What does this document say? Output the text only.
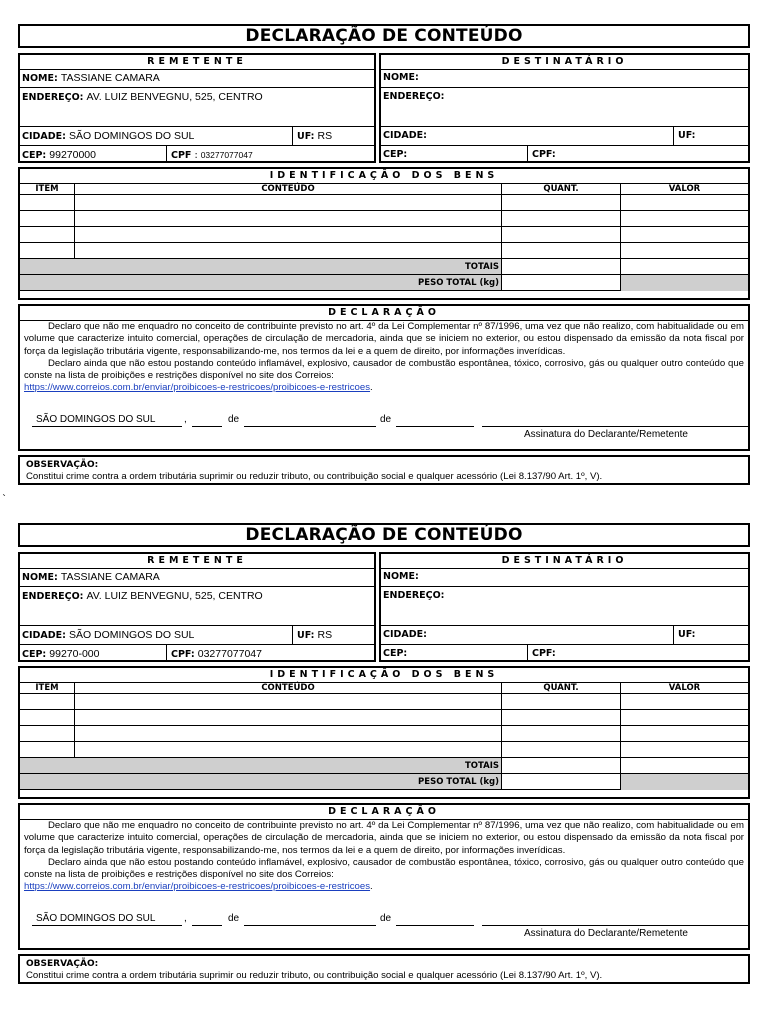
`
DECLARAÇÃO DE CONTEÚDO
REMETENTE
NOME: TASSIANE CAMARA
ENDEREÇO: AV. LUIZ BENVEGNU, 525, CENTRO
CIDADE: SÃO DOMINGOS DO SUL	UF: RS
CEP: 99270000	CPF : 03277077047
DESTINATÁRIO
NOME:
ENDEREÇO:
CIDADE:	UF:
CEP:	CPF:
IDENTIFICAÇÃO DOS BENS
ITEM	CONTEÚDO	QUANT.	VALOR

TOTAIS			
PESO TOTAL (kg)			
DECLARAÇÃO

Declaro que não me enquadro no conceito de contribuinte previsto no art. 4º da Lei Complementar nº 87/1996, uma vez que não realizo, com habitualidade ou em volume que caracterize intuito comercial, operações de circulação de mercadoria, ainda que se iniciem no exterior, ou estou dispensado da emissão da nota fiscal por força da legislação tributária vigente, responsabilizando-me, nos termos da lei e a quem de direito, por informações inverídicas.

Declaro ainda que não estou postando conteúdo inflamável, explosivo, causador de combustão espontânea, tóxico, corrosivo, gás ou qualquer outro conteúdo que conste na lista de proibições e restrições disponível no site dos Correios:
https://www.correios.com.br/enviar/proibicoes-e-restricoes/proibicoes-e-restricoes.

SÃO DOMINGOS DO SUL	,	de	de
Assinatura do Declarante/Remetente
OBSERVAÇÃO:
Constitui crime contra a ordem tributária suprimir ou reduzir tributo, ou contribuição social e qualquer acessório (Lei 8.137/90 Art. 1º, V).
DECLARAÇÃO DE CONTEÚDO
REMETENTE
NOME: TASSIANE CAMARA
ENDEREÇO: AV. LUIZ BENVEGNU, 525, CENTRO
CIDADE: SÃO DOMINGOS DO SUL	UF: RS
CEP: 99270-000	CPF: 03277077047
DESTINATÁRIO
NOME:
ENDEREÇO:
CIDADE:	UF:
CEP:	CPF:
IDENTIFICAÇÃO DOS BENS
ITEM	CONTEÚDO	QUANT.	VALOR

TOTAIS			
PESO TOTAL (kg)			
DECLARAÇÃO

Declaro que não me enquadro no conceito de contribuinte previsto no art. 4º da Lei Complementar nº 87/1996, uma vez que não realizo, com habitualidade ou em volume que caracterize intuito comercial, operações de circulação de mercadoria, ainda que se iniciem no exterior, ou estou dispensado da emissão da nota fiscal por força da legislação tributária vigente, responsabilizando-me, nos termos da lei e a quem de direito, por informações inverídicas.

Declaro ainda que não estou postando conteúdo inflamável, explosivo, causador de combustão espontânea, tóxico, corrosivo, gás ou qualquer outro conteúdo que conste na lista de proibições e restrições disponível no site dos Correios:
https://www.correios.com.br/enviar/proibicoes-e-restricoes/proibicoes-e-restricoes.

SÃO DOMINGOS DO SUL	,	de	de
Assinatura do Declarante/Remetente
OBSERVAÇÃO:
Constitui crime contra a ordem tributária suprimir ou reduzir tributo, ou contribuição social e qualquer acessório (Lei 8.137/90 Art. 1º, V).
